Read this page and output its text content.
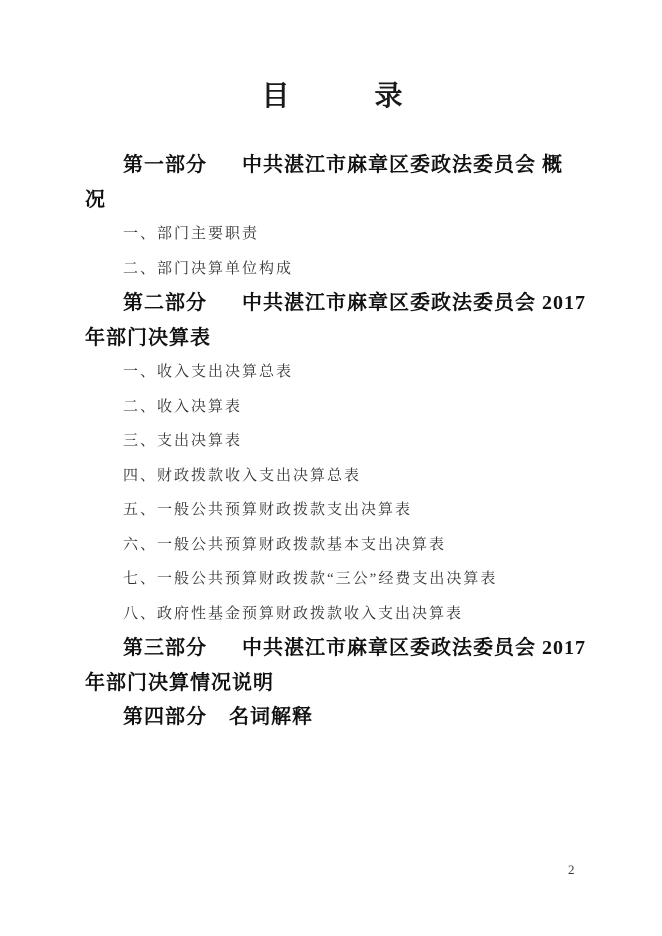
目	录
第一部分 中共湛江市麻章区委政法委员会 概
况
一、部门主要职责
二、部门决算单位构成
第二部分 中共湛江市麻章区委政法委员会 2017
年部门决算表
一、收入支出决算总表
二、收入决算表
三、支出决算表
四、财政拨款收入支出决算总表
五、一般公共预算财政拨款支出决算表
六、一般公共预算财政拨款基本支出决算表
七、一般公共预算财政拨款“三公”经费支出决算表
八、政府性基金预算财政拨款收入支出决算表
第三部分 中共湛江市麻章区委政法委员会 2017
年部门决算情况说明
第四部分 名词解释
2
